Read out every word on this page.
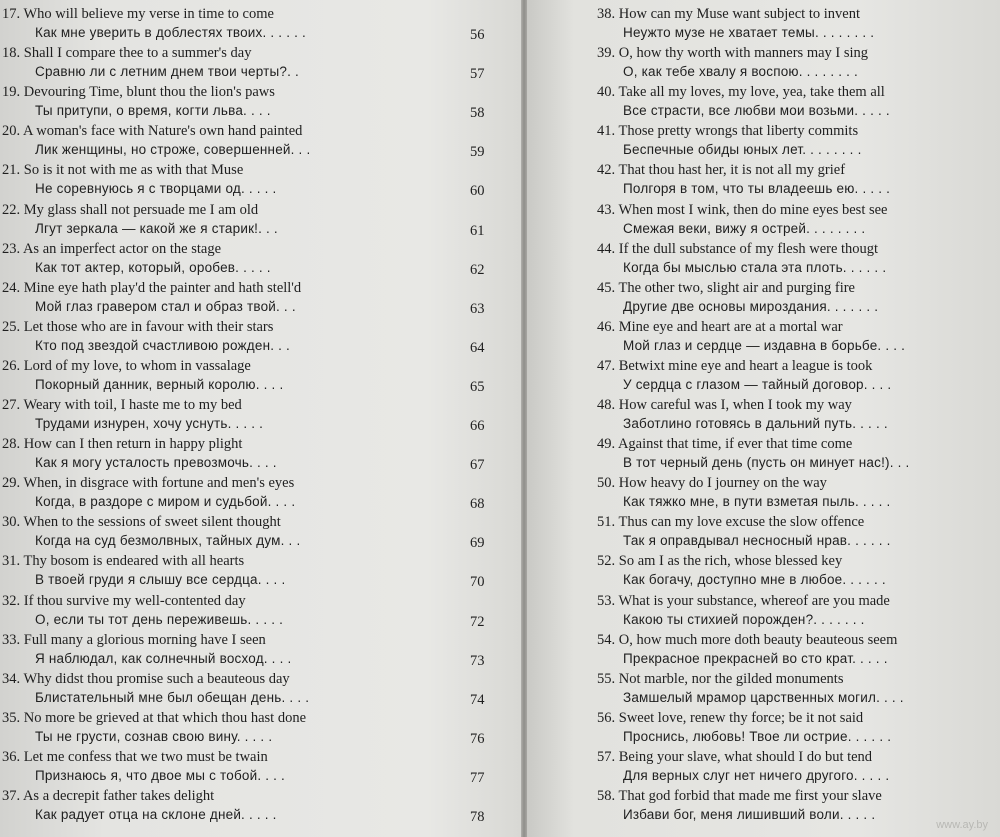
17. Who will believe my verse in time to come
Как мне уверить в доблестях твоих. . . . . .	56
18. Shall I compare thee to a summer's day
Сравню ли с летним днем твои черты?. .	57
19. Devouring Time, blunt thou the lion's paws
Ты притупи, о время, когти льва. . . .	58
20. A woman's face with Nature's own hand painted
Лик женщины, но строже, совершенней. . .	59
21. So is it not with me as with that Muse
Не соревнуюсь я с творцами од. . . . .	60
22. My glass shall not persuade me I am old
Лгут зеркала — какой же я старик!. . .	61
23. As an imperfect actor on the stage
Как тот актер, который, оробев. . . . .	62
24. Mine eye hath play'd the painter and hath stell'd
Мой глаз гравером стал и образ твой. . .	63
25. Let those who are in favour with their stars
Кто под звездой счастливою рожден. . .	64
26. Lord of my love, to whom in vassalage
Покорный данник, верный королю. . . .	65
27. Weary with toil, I haste me to my bed
Трудами изнурен, хочу уснуть. . . . .	66
28. How can I then return in happy plight
Как я могу усталость превозмочь. . . .	67
29. When, in disgrace with fortune and men's eyes
Когда, в раздоре с миром и судьбой. . . .	68
30. When to the sessions of sweet silent thought
Когда на суд безмолвных, тайных дум. . .	69
31. Thy bosom is endeared with all hearts
В твоей груди я слышу все сердца. . . .	70
32. If thou survive my well-contented day
О, если ты тот день переживешь. . . . .	72
33. Full many a glorious morning have I seen
Я наблюдал, как солнечный восход. . . .	73
34. Why didst thou promise such a beauteous day
Блистательный мне был обещан день. . . .	74
35. No more be grieved at that which thou hast done
Ты не грусти, сознав свою вину. . . . .	76
36. Let me confess that we two must be twain
Признаюсь я, что двое мы с тобой. . . .	77
37. As a decrepit father takes delight
Как радует отца на склоне дней. . . . .	78
38. How can my Muse want subject to invent
Неужто музе не хватает темы. . . . . . . .
39. O, how thy worth with manners may I sing
О, как тебе хвалу я воспою. . . . . . . .
40. Take all my loves, my love, yea, take them all
Все страсти, все любви мои возьми. . . . .
41. Those pretty wrongs that liberty commits
Беспечные обиды юных лет. . . . . . . .
42. That thou hast her, it is not all my grief
Полгоря в том, что ты владеешь ею. . . . .
43. When most I wink, then do mine eyes best see
Смежая веки, вижу я острей. . . . . . . .
44. If the dull substance of my flesh were thougt
Когда бы мыслью стала эта плоть. . . . . .
45. The other two, slight air and purging fire
Другие две основы мироздания. . . . . . .
46. Mine eye and heart are at a mortal war
Мой глаз и сердце — издавна в борьбе. . . .
47. Betwixt mine eye and heart a league is took
У сердца с глазом — тайный договор. . . .
48. How careful was I, when I took my way
Заботлино готовясь в дальний путь. . . . .
49. Against that time, if ever that time come
В тот черный день (пусть он минует нас!). . .
50. How heavy do I journey on the way
Как тяжко мне, в пути взметая пыль. . . . .
51. Thus can my love excuse the slow offence
Так я оправдывал несносный нрав. . . . . .
52. So am I as the rich, whose blessed key
Как богачу, доступно мне в любое. . . . . .
53. What is your substance, whereof are you made
Какою ты стихией порожден?. . . . . . .
54. O, how much more doth beauty beauteous seem
Прекрасное прекрасней во сто крат. . . . .
55. Not marble, nor the gilded monuments
Замшелый мрамор царственных могил. . . .
56. Sweet love, renew thy force; be it not said
Проснись, любовь! Твое ли острие. . . . . .
57. Being your slave, what should I do but tend
Для верных слуг нет ничего другого. . . . .
58. That god forbid that made me first your slave
Избави бог, меня лишивший воли. . . . .
www.ay.by
